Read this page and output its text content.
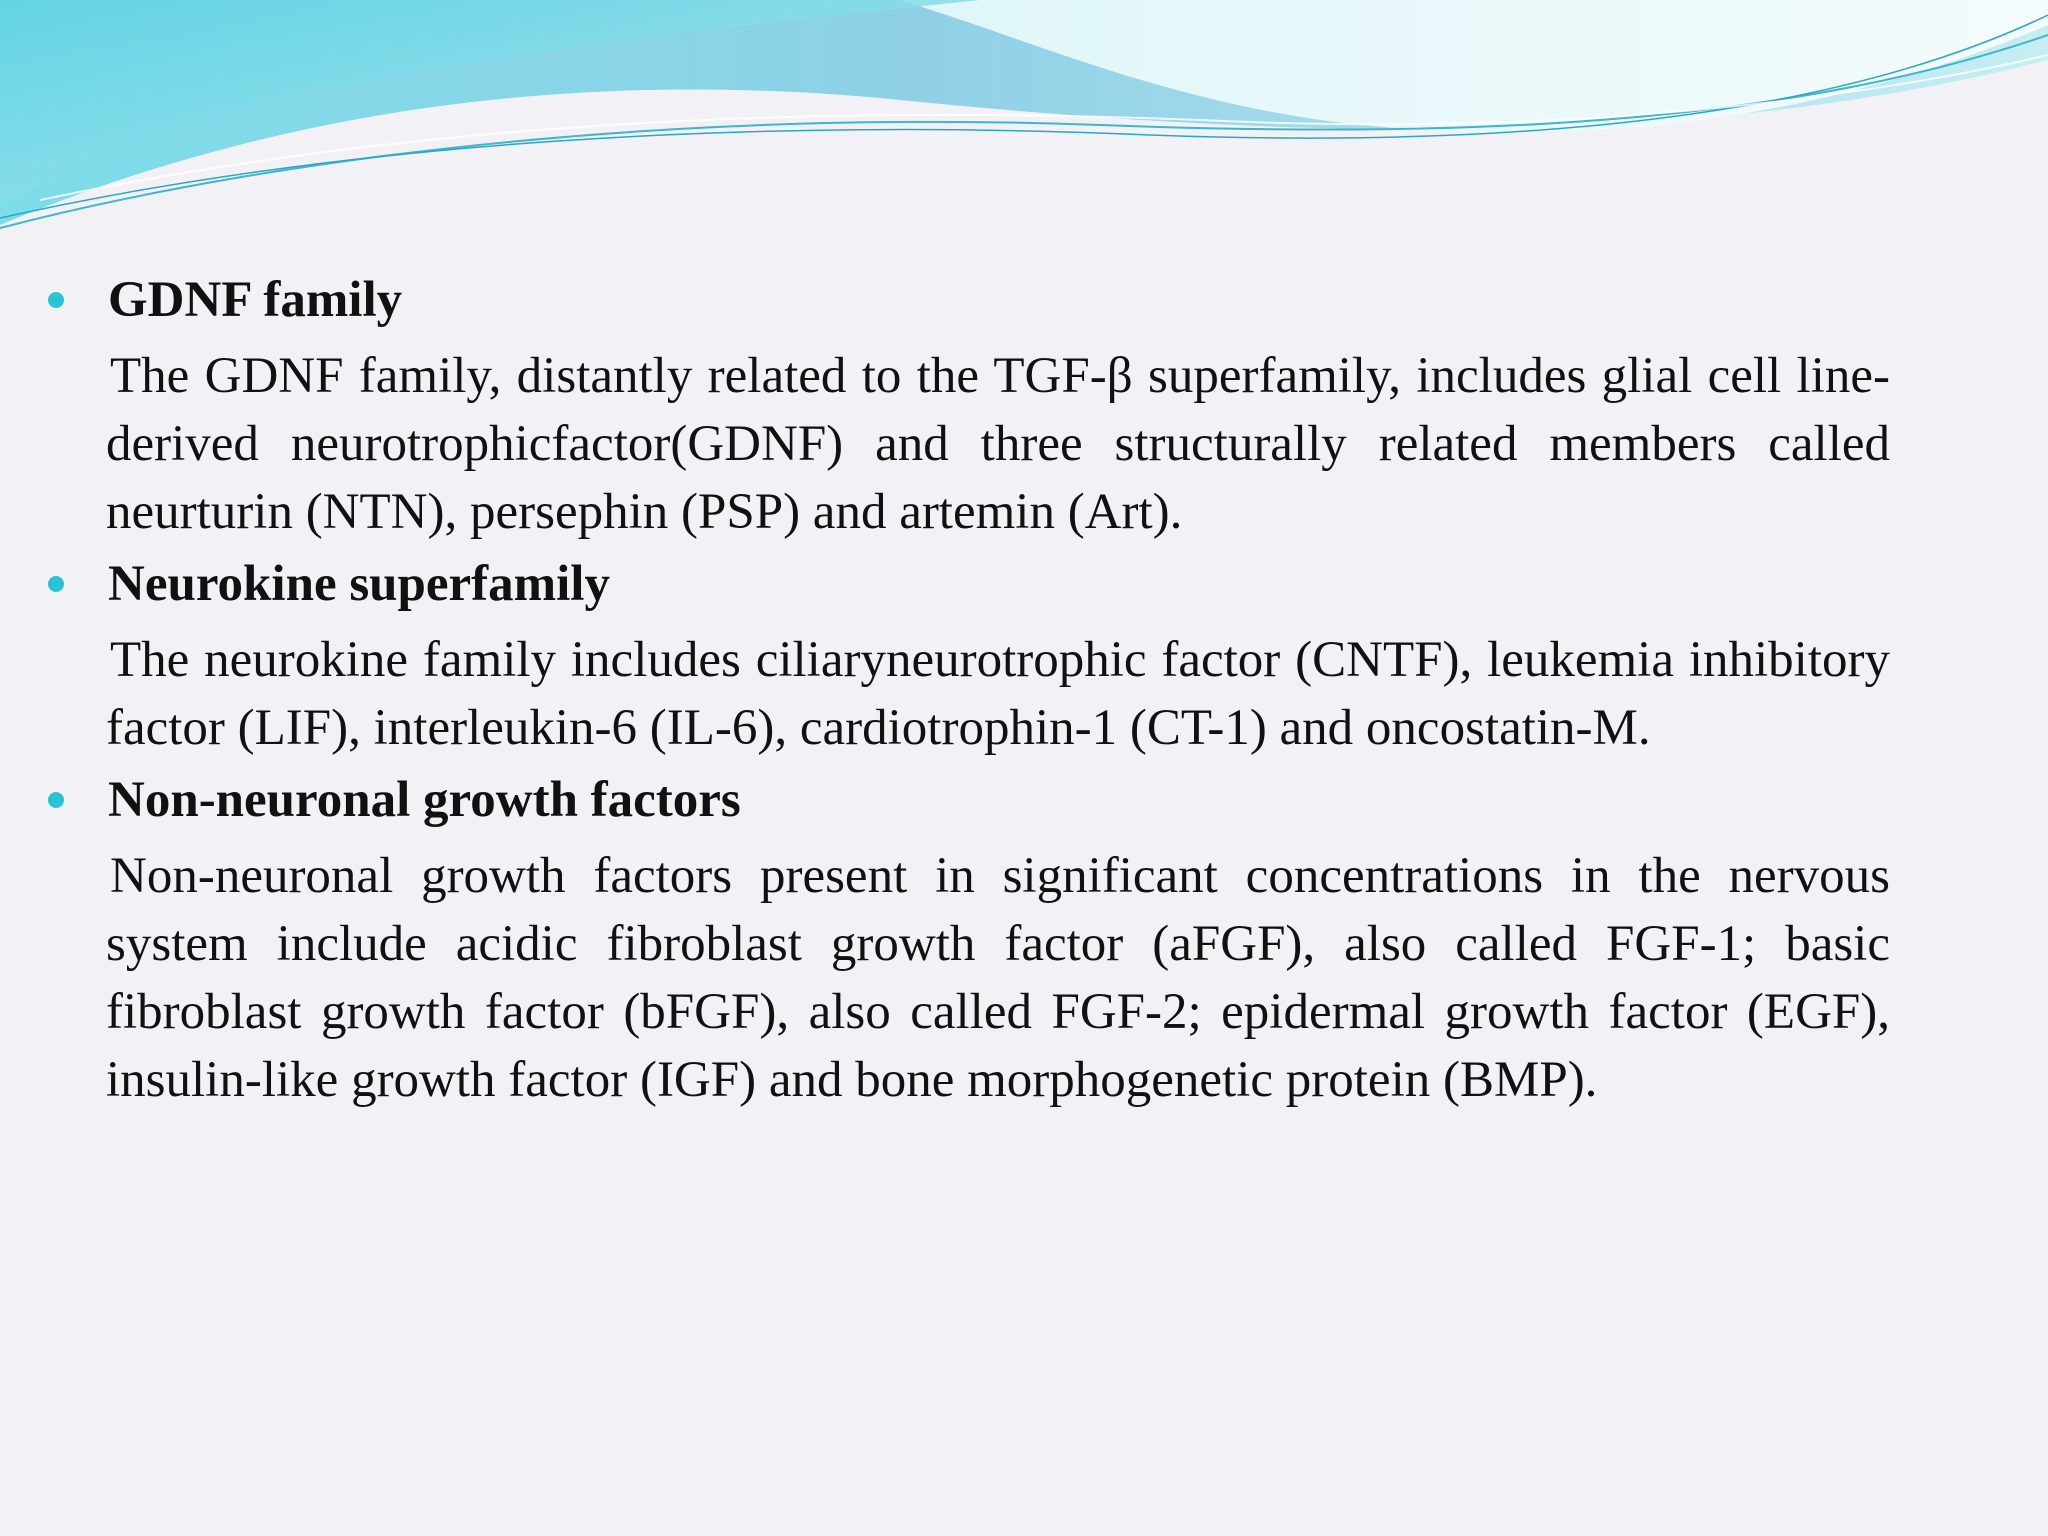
GDNF family

The GDNF family, distantly related to the TGF-β superfamily, includes glial cell line-derived neurotrophicfactor(GDNF) and three structurally related members called neurturin (NTN), persephin (PSP) and artemin (Art).

Neurokine superfamily

The neurokine family includes ciliaryneurotrophic factor (CNTF), leukemia inhibitory factor (LIF), interleukin-6 (IL-6), cardiotrophin-1 (CT-1) and oncostatin-M.

Non-neuronal growth factors

Non-neuronal growth factors present in significant concentrations in the nervous system include acidic fibroblast growth factor (aFGF), also called FGF-1; basic fibroblast growth factor (bFGF), also called FGF-2; epidermal growth factor (EGF), insulin-like growth factor (IGF) and bone morphogenetic protein (BMP).
